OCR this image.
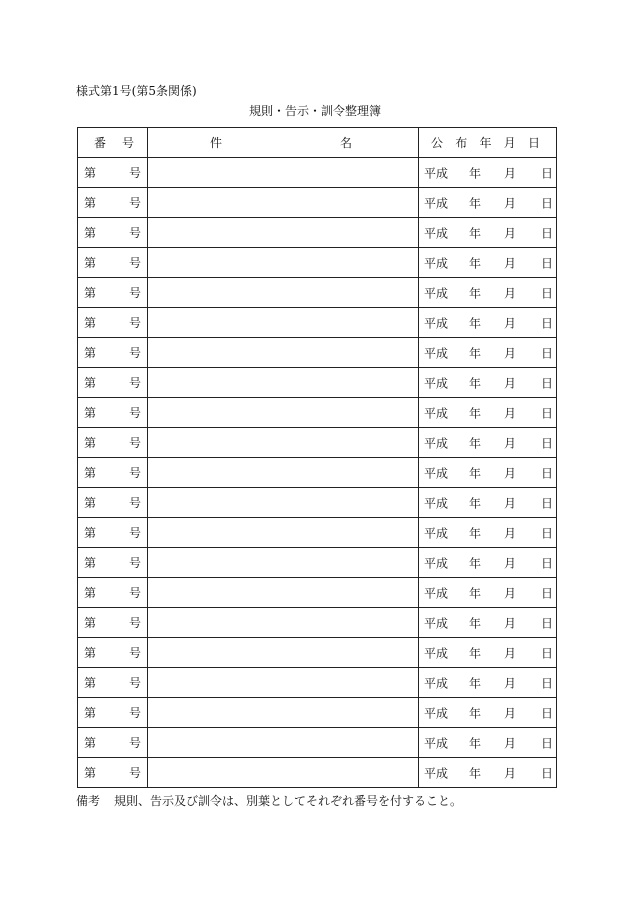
様式第1号(第5条関係)
規則・告示・訓令整理簿
番 号	件 名	公 布 年 月 日

第 号		平成 年 月 日

第 号		平成 年 月 日

第 号		平成 年 月 日

第 号		平成 年 月 日

第 号		平成 年 月 日

第 号		平成 年 月 日

第 号		平成 年 月 日

第 号		平成 年 月 日

第 号		平成 年 月 日

第 号		平成 年 月 日

第 号		平成 年 月 日

第 号		平成 年 月 日

第 号		平成 年 月 日

第 号		平成 年 月 日

第 号		平成 年 月 日

第 号		平成 年 月 日

第 号		平成 年 月 日

第 号		平成 年 月 日

第 号		平成 年 月 日

第 号		平成 年 月 日

第 号		平成 年 月 日
備考 規則、告示及び訓令は、別葉としてそれぞれ番号を付すること。
